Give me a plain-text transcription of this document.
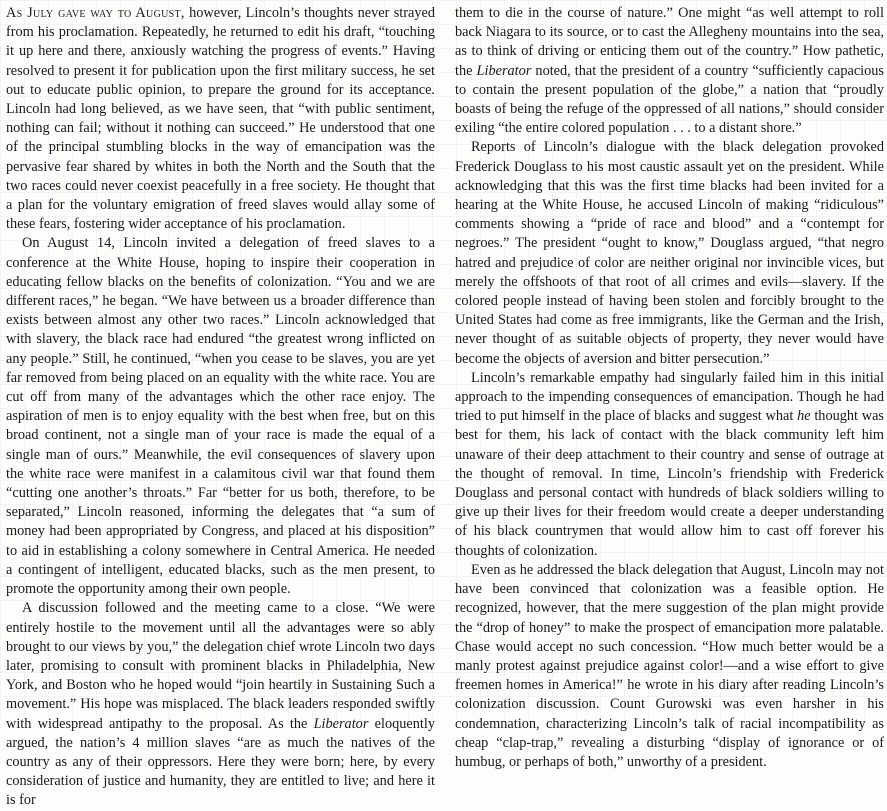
As July gave way to August, however, Lincoln’s thoughts never strayed from his proclamation. Repeatedly, he returned to edit his draft, “touching it up here and there, anxiously watching the progress of events.” Having resolved to present it for publication upon the first military success, he set out to educate public opinion, to prepare the ground for its acceptance. Lincoln had long believed, as we have seen, that “with public sentiment, nothing can fail; without it nothing can succeed.” He understood that one of the principal stumbling blocks in the way of emancipation was the pervasive fear shared by whites in both the North and the South that the two races could never coexist peacefully in a free society. He thought that a plan for the voluntary emigration of freed slaves would allay some of these fears, fostering wider acceptance of his proclamation.

On August 14, Lincoln invited a delegation of freed slaves to a conference at the White House, hoping to inspire their cooperation in educating fellow blacks on the benefits of colonization. “You and we are different races,” he began. “We have between us a broader difference than exists between almost any other two races.” Lincoln acknowledged that with slavery, the black race had endured “the greatest wrong inflicted on any people.” Still, he continued, “when you cease to be slaves, you are yet far removed from being placed on an equality with the white race. You are cut off from many of the advantages which the other race enjoy. The aspiration of men is to enjoy equality with the best when free, but on this broad continent, not a single man of your race is made the equal of a single man of ours.” Meanwhile, the evil consequences of slavery upon the white race were manifest in a calamitous civil war that found them “cutting one another’s throats.” Far “better for us both, therefore, to be separated,” Lincoln reasoned, informing the delegates that “a sum of money had been appropriated by Congress, and placed at his disposition” to aid in establishing a colony somewhere in Central America. He needed a contingent of intelligent, educated blacks, such as the men present, to promote the opportunity among their own people.

A discussion followed and the meeting came to a close. “We were entirely hostile to the movement until all the advantages were so ably brought to our views by you,” the delegation chief wrote Lincoln two days later, promising to consult with prominent blacks in Philadelphia, New York, and Boston who he hoped would “join heartily in Sustaining Such a movement.” His hope was misplaced. The black leaders responded swiftly with widespread antipathy to the proposal. As the Liberator eloquently argued, the nation’s 4 million slaves “are as much the natives of the country as any of their oppressors. Here they were born; here, by every consideration of justice and humanity, they are entitled to live; and here it is for

them to die in the course of nature.” One might “as well attempt to roll back Niagara to its source, or to cast the Allegheny mountains into the sea, as to think of driving or enticing them out of the country.” How pathetic, the Liberator noted, that the president of a country “sufficiently capacious to contain the present population of the globe,” a nation that “proudly boasts of being the refuge of the oppressed of all nations,” should consider exiling “the entire colored population . . . to a distant shore.”

Reports of Lincoln’s dialogue with the black delegation provoked Frederick Douglass to his most caustic assault yet on the president. While acknowledging that this was the first time blacks had been invited for a hearing at the White House, he accused Lincoln of making “ridiculous” comments showing a “pride of race and blood” and a “contempt for negroes.” The president “ought to know,” Douglass argued, “that negro hatred and prejudice of color are neither original nor invincible vices, but merely the offshoots of that root of all crimes and evils—slavery. If the colored people instead of having been stolen and forcibly brought to the United States had come as free immigrants, like the German and the Irish, never thought of as suitable objects of property, they never would have become the objects of aversion and bitter persecution.”

Lincoln’s remarkable empathy had singularly failed him in this initial approach to the impending consequences of emancipation. Though he had tried to put himself in the place of blacks and suggest what he thought was best for them, his lack of contact with the black community left him unaware of their deep attachment to their country and sense of outrage at the thought of removal. In time, Lincoln’s friendship with Frederick Douglass and personal contact with hundreds of black soldiers willing to give up their lives for their freedom would create a deeper understanding of his black countrymen that would allow him to cast off forever his thoughts of colonization.

Even as he addressed the black delegation that August, Lincoln may not have been convinced that colonization was a feasible option. He recognized, however, that the mere suggestion of the plan might provide the “drop of honey” to make the prospect of emancipation more palatable. Chase would accept no such concession. “How much better would be a manly protest against prejudice against color!—and a wise effort to give freemen homes in America!” he wrote in his diary after reading Lincoln’s colonization discussion. Count Gurowski was even harsher in his condemnation, characterizing Lincoln’s talk of racial incompatibility as cheap “clap-trap,” revealing a disturbing “display of ignorance or of humbug, or perhaps of both,” unworthy of a president.
